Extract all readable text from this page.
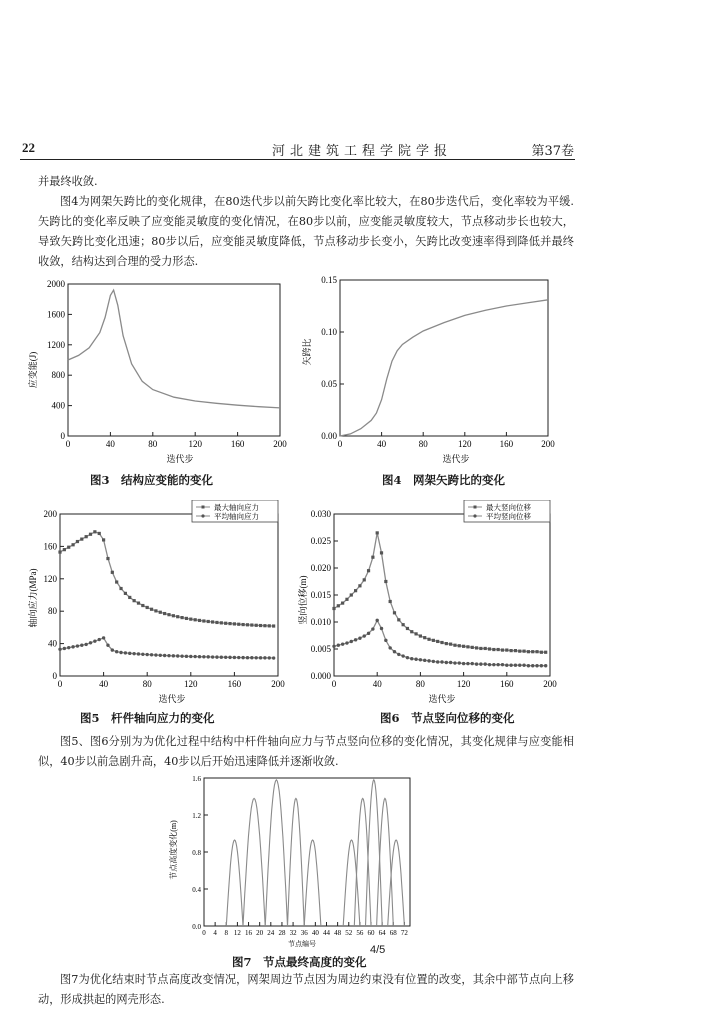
22	河北建筑工程学院学报	第37卷

并最终收敛.

图4为网架矢跨比的变化规律，在80迭代步以前矢跨比变化率比较大，在80步迭代后，变化率较为平缓.矢跨比的变化率反映了应变能灵敏度的变化情况，在80步以前，应变能灵敏度较大，节点移动步长也较大，导致矢跨比变化迅速；80步以后，应变能灵敏度降低，节点移动步长变小，矢跨比改变速率得到降低并最终收敛，结构达到合理的受力形态.

应变能(J)
迭代步
0
400
800
1200
1600
2000
0	40	80	120	160	200
图3　结构应变能的变化
矢跨比
迭代步
0.00
0.05
0.10
0.15
0	40	80	120	160	200
图4　网架矢跨比的变化
轴向应力(MPa)
迭代步
0
40
80
120
160
200
0	40	80	120	160	200
最大轴向应力
平均轴向应力
图5　杆件轴向应力的变化
竖向位移(m)
迭代步
0.000
0.005
0.010
0.015
0.020
0.025
0.030
0	40	80	120	160	200
最大竖向位移
平均竖向位移
图6　节点竖向位移的变化

图5、图6分别为为优化过程中结构中杆件轴向应力与节点竖向位移的变化情况，其变化规律与应变能相似，40步以前急剧升高，40步以后开始迅速降低并逐渐收敛.

节点高度变化(m)
节点编号
0.0
0.4
0.8
1.2
1.6
0 4 8 12 16 20 24 28 32 36 40 44 48 52 56 60 64 68 72
4/5
图7　节点最终高度的变化

图7为优化结束时节点高度改变情况，网架周边节点因为周边约束没有位置的改变，其余中部节点向上移动，形成拱起的网壳形态.
